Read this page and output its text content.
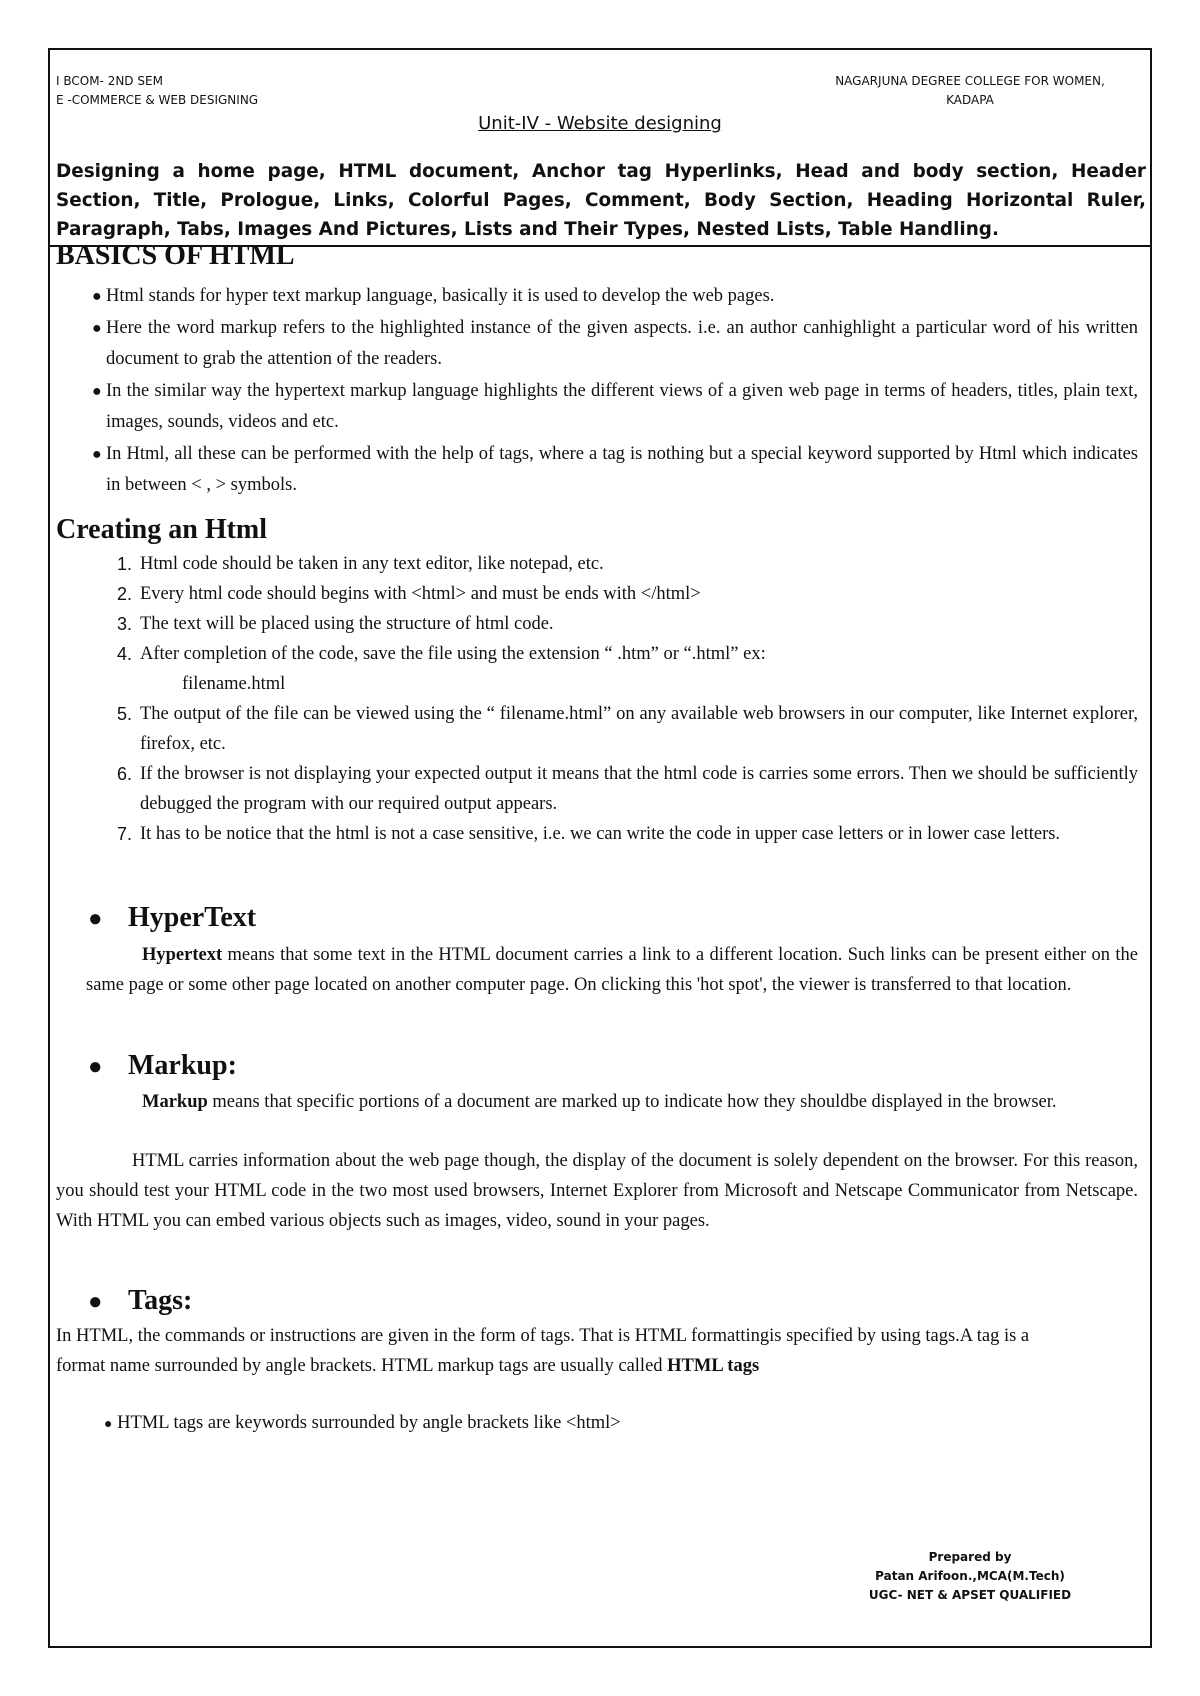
I BCOM- 2ND SEM
E -COMMERCE & WEB DESIGNING
NAGARJUNA DEGREE COLLEGE FOR WOMEN,
KADAPA
Unit-IV - Website designing
Designing a home page, HTML document, Anchor tag Hyperlinks, Head and body section, Header Section, Title, Prologue, Links, Colorful Pages, Comment, Body Section, Heading Horizontal Ruler, Paragraph, Tabs, Images And Pictures, Lists and Their Types, Nested Lists, Table Handling.
BASICS OF HTML
● Html stands for hyper text markup language, basically it is used to develop the web pages.
● Here the word markup refers to the highlighted instance of the given aspects. i.e. an author canhighlight a particular word of his written document to grab the attention of the readers.
● In the similar way the hypertext markup language highlights the different views of a given web page in terms of headers, titles, plain text, images, sounds, videos and etc.
● In Html, all these can be performed with the help of tags, where a tag is nothing but a special keyword supported by Html which indicates in between < , > symbols.
Creating an Html
1. Html code should be taken in any text editor, like notepad, etc.
2. Every html code should begins with <html> and must be ends with </html>
3. The text will be placed using the structure of html code.
4. After completion of the code, save the file using the extension “ .htm” or “.html” ex:
filename.html
5. The output of the file can be viewed using the “ filename.html” on any available web browsers in our computer, like Internet explorer, firefox, etc.
6. If the browser is not displaying your expected output it means that the html code is carries some errors. Then we should be sufficiently debugged the program with our required output appears.
7. It has to be notice that the html is not a case sensitive, i.e. we can write the code in upper case letters or in lower case letters.
● HyperText
Hypertext means that some text in the HTML document carries a link to a different location. Such links can be present either on the same page or some other page located on another computer page. On clicking this 'hot spot', the viewer is transferred to that location.
● Markup:
Markup means that specific portions of a document are marked up to indicate how they shouldbe displayed in the browser.
HTML carries information about the web page though, the display of the document is solely dependent on the browser. For this reason, you should test your HTML code in the two most used browsers, Internet Explorer from Microsoft and Netscape Communicator from Netscape. With HTML you can embed various objects such as images, video, sound in your pages.
● Tags:
In HTML, the commands or instructions are given in the form of tags. That is HTML formattingis specified by using tags.A tag is a format name surrounded by angle brackets. HTML markup tags are usually called HTML tags
● HTML tags are keywords surrounded by angle brackets like <html>
Prepared by
Patan Arifoon.,MCA(M.Tech)
UGC- NET & APSET QUALIFIED
